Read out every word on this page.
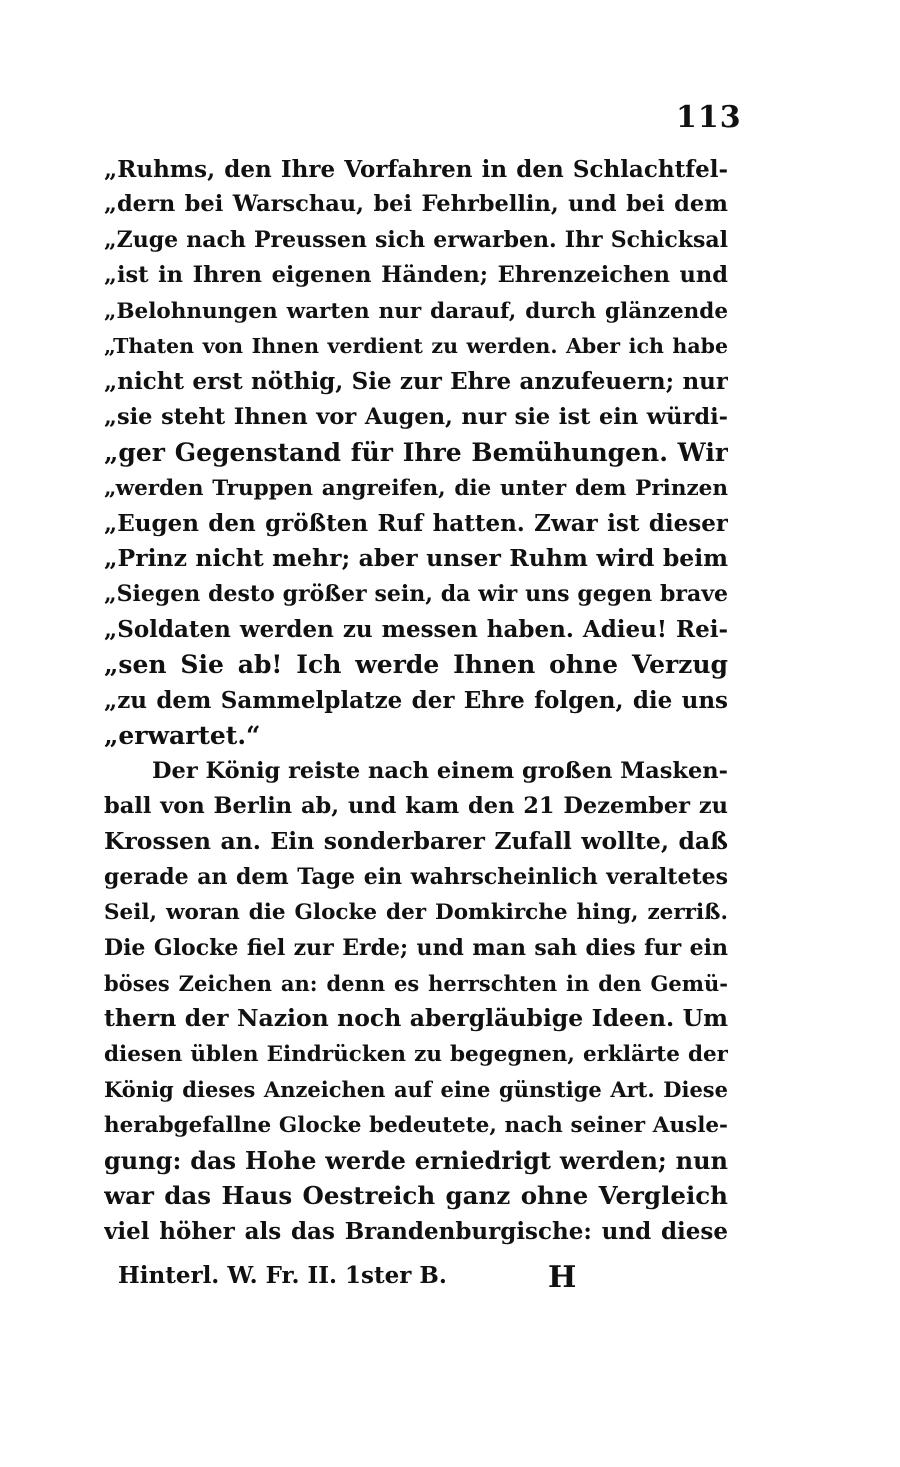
113
„Ruhms, den Ihre Vorfahren in den Schlachtfel-
„dern bei Warschau, bei Fehrbellin, und bei dem
„Zuge nach Preussen sich erwarben. Ihr Schicksal
„ist in Ihren eigenen Händen; Ehrenzeichen und
„Belohnungen warten nur darauf, durch glänzende
„Thaten von Ihnen verdient zu werden. Aber ich habe
„nicht erst nöthig, Sie zur Ehre anzufeuern; nur
„sie steht Ihnen vor Augen, nur sie ist ein würdi-
„ger Gegenstand für Ihre Bemühungen. Wir
„werden Truppen angreifen, die unter dem Prinzen
„Eugen den größten Ruf hatten. Zwar ist dieser
„Prinz nicht mehr; aber unser Ruhm wird beim
„Siegen desto größer sein, da wir uns gegen brave
„Soldaten werden zu messen haben. Adieu! Rei-
„sen Sie ab! Ich werde Ihnen ohne Verzug
„zu dem Sammelplatze der Ehre folgen, die uns
„erwartet.“
Der König reiste nach einem großen Masken-
ball von Berlin ab, und kam den 21 Dezember zu
Krossen an. Ein sonderbarer Zufall wollte, daß
gerade an dem Tage ein wahrscheinlich veraltetes
Seil, woran die Glocke der Domkirche hing, zerriß.
Die Glocke fiel zur Erde; und man sah dies fur ein
böses Zeichen an: denn es herrschten in den Gemü-
thern der Nazion noch abergläubige Ideen. Um
diesen üblen Eindrücken zu begegnen, erklärte der
König dieses Anzeichen auf eine günstige Art. Diese
herabgefallne Glocke bedeutete, nach seiner Ausle-
gung: das Hohe werde erniedrigt werden; nun
war das Haus Oestreich ganz ohne Vergleich
viel höher als das Brandenburgische: und diese
Hinterl. W. Fr. II. 1ster B.	H
